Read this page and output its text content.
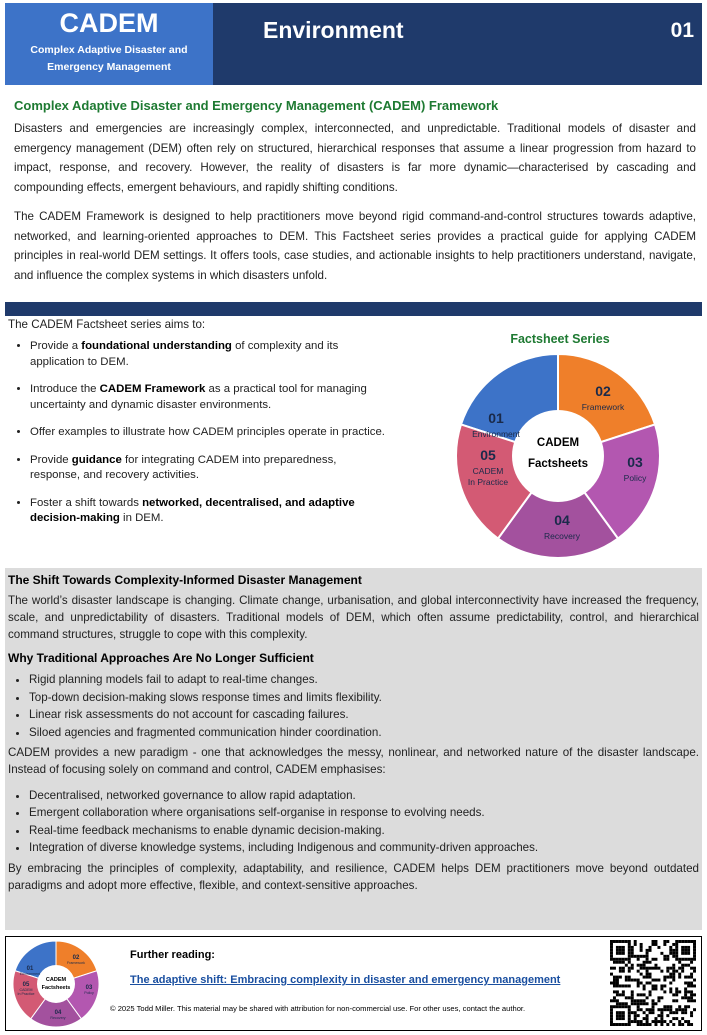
CADEM
Complex Adaptive Disaster and
Emergency Management
Environment	01
Complex Adaptive Disaster and Emergency Management (CADEM) Framework

Disasters and emergencies are increasingly complex, interconnected, and unpredictable. Traditional models of disaster and emergency management (DEM) often rely on structured, hierarchical responses that assume a linear progression from hazard to impact, response, and recovery. However, the reality of disasters is far more dynamic—characterised by cascading and compounding effects, emergent behaviours, and rapidly shifting conditions.

The CADEM Framework is designed to help practitioners move beyond rigid command-and-control structures towards adaptive, networked, and learning-oriented approaches to DEM. This Factsheet series provides a practical guide for applying CADEM principles in real-world DEM settings. It offers tools, case studies, and actionable insights to help practitioners understand, navigate, and influence the complex systems in which disasters unfold.

The CADEM Factsheet series aims to:
• Provide a foundational understanding of complexity and its application to DEM.
• Introduce the CADEM Framework as a practical tool for managing uncertainty and dynamic disaster environments.
• Offer examples to illustrate how CADEM principles operate in practice.
• Provide guidance for integrating CADEM into preparedness, response, and recovery activities.
• Foster a shift towards networked, decentralised, and adaptive decision-making in DEM.
Factsheet Series
CADEM
Factsheets
01
Environment
02
Framework
03
Policy
04
Recovery
05
CADEM
In Practice
The Shift Towards Complexity-Informed Disaster Management

The world’s disaster landscape is changing. Climate change, urbanisation, and global interconnectivity have increased the frequency, scale, and unpredictability of disasters. Traditional models of DEM, which often assume predictability, control, and hierarchical command structures, struggle to cope with this complexity.

Why Traditional Approaches Are No Longer Sufficient
• Rigid planning models fail to adapt to real-time changes.
• Top-down decision-making slows response times and limits flexibility.
• Linear risk assessments do not account for cascading failures.
• Siloed agencies and fragmented communication hinder coordination.

CADEM provides a new paradigm - one that acknowledges the messy, nonlinear, and networked nature of the disaster landscape. Instead of focusing solely on command and control, CADEM emphasises:

• Decentralised, networked governance to allow rapid adaptation.
• Emergent collaboration where organisations self-organise in response to evolving needs.
• Real-time feedback mechanisms to enable dynamic decision-making.
• Integration of diverse knowledge systems, including Indigenous and community-driven approaches.

By embracing the principles of complexity, adaptability, and resilience, CADEM helps DEM practitioners move beyond outdated paradigms and adopt more effective, flexible, and context-sensitive approaches.

CADEM
Factsheets
01
Environment
02
Framework
03
Policy
04
Recovery
05
CADEM
In Practice
Further reading:
The adaptive shift: Embracing complexity in disaster and emergency management
© 2025 Todd Miller. This material may be shared with attribution for non-commercial use. For other uses, contact the author.
